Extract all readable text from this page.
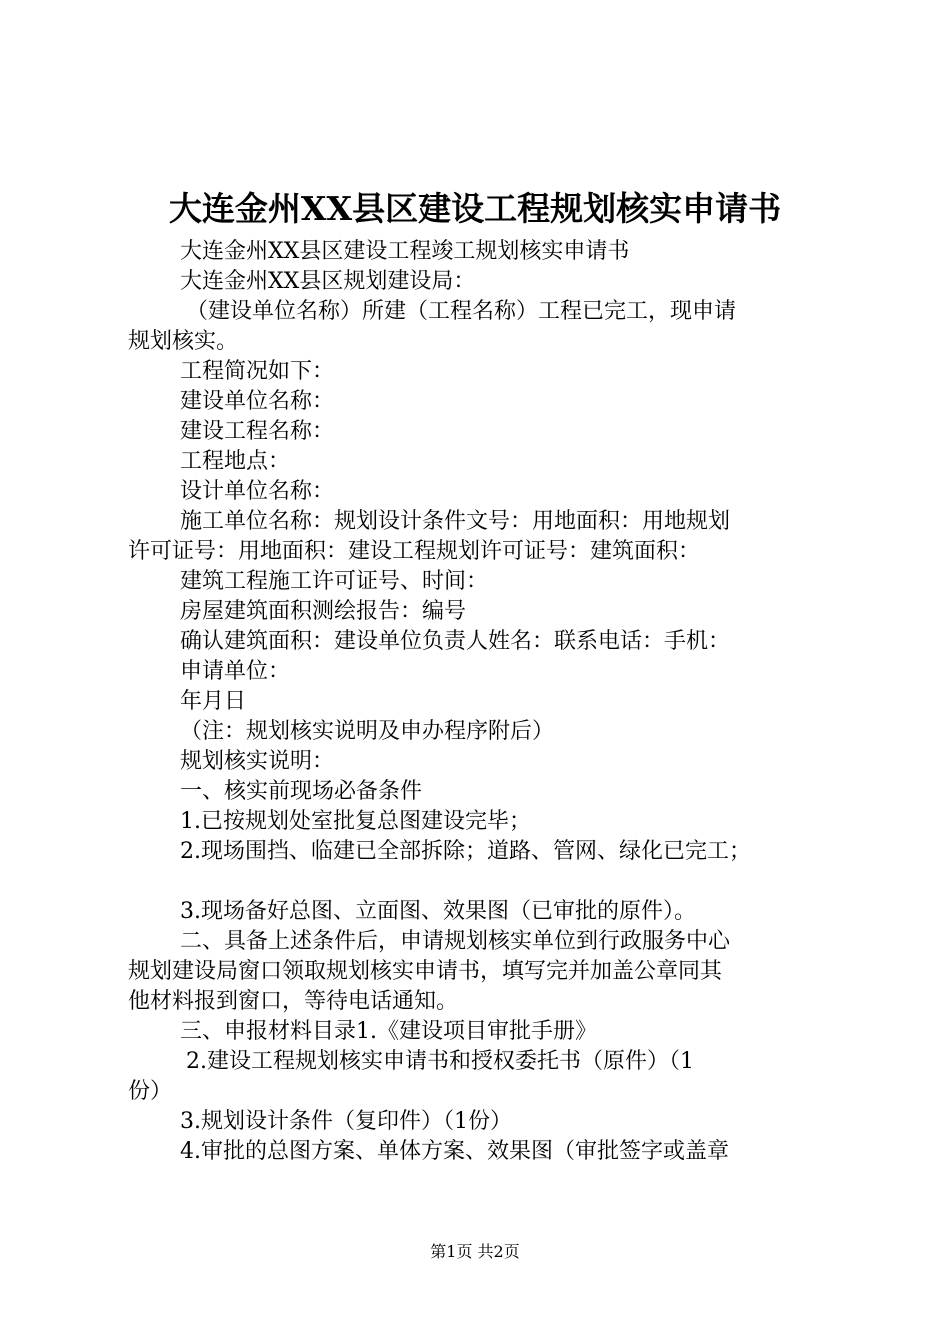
大连金州XX县区建设工程规划核实申请书
大连金州XX县区建设工程竣工规划核实申请书
大连金州XX县区规划建设局：
（建设单位名称）所建（工程名称）工程已完工，现申请
规划核实。
工程简况如下：
建设单位名称：
建设工程名称：
工程地点：
设计单位名称：
施工单位名称：规划设计条件文号：用地面积：用地规划
许可证号：用地面积：建设工程规划许可证号：建筑面积：
建筑工程施工许可证号、时间：
房屋建筑面积测绘报告：编号
确认建筑面积：建设单位负责人姓名：联系电话：手机：
申请单位：
年月日
（注：规划核实说明及申办程序附后）
规划核实说明：
一、核实前现场必备条件
1.已按规划处室批复总图建设完毕；
2.现场围挡、临建已全部拆除；道路、管网、绿化已完工；
3.现场备好总图、立面图、效果图（已审批的原件）。
二、具备上述条件后，申请规划核实单位到行政服务中心
规划建设局窗口领取规划核实申请书，填写完并加盖公章同其
他材料报到窗口，等待电话通知。
三、申报材料目录1.《建设项目审批手册》
2.建设工程规划核实申请书和授权委托书（原件）（1
份）
3.规划设计条件（复印件）（1份）
4.审批的总图方案、单体方案、效果图（审批签字或盖章
第1页 共2页
